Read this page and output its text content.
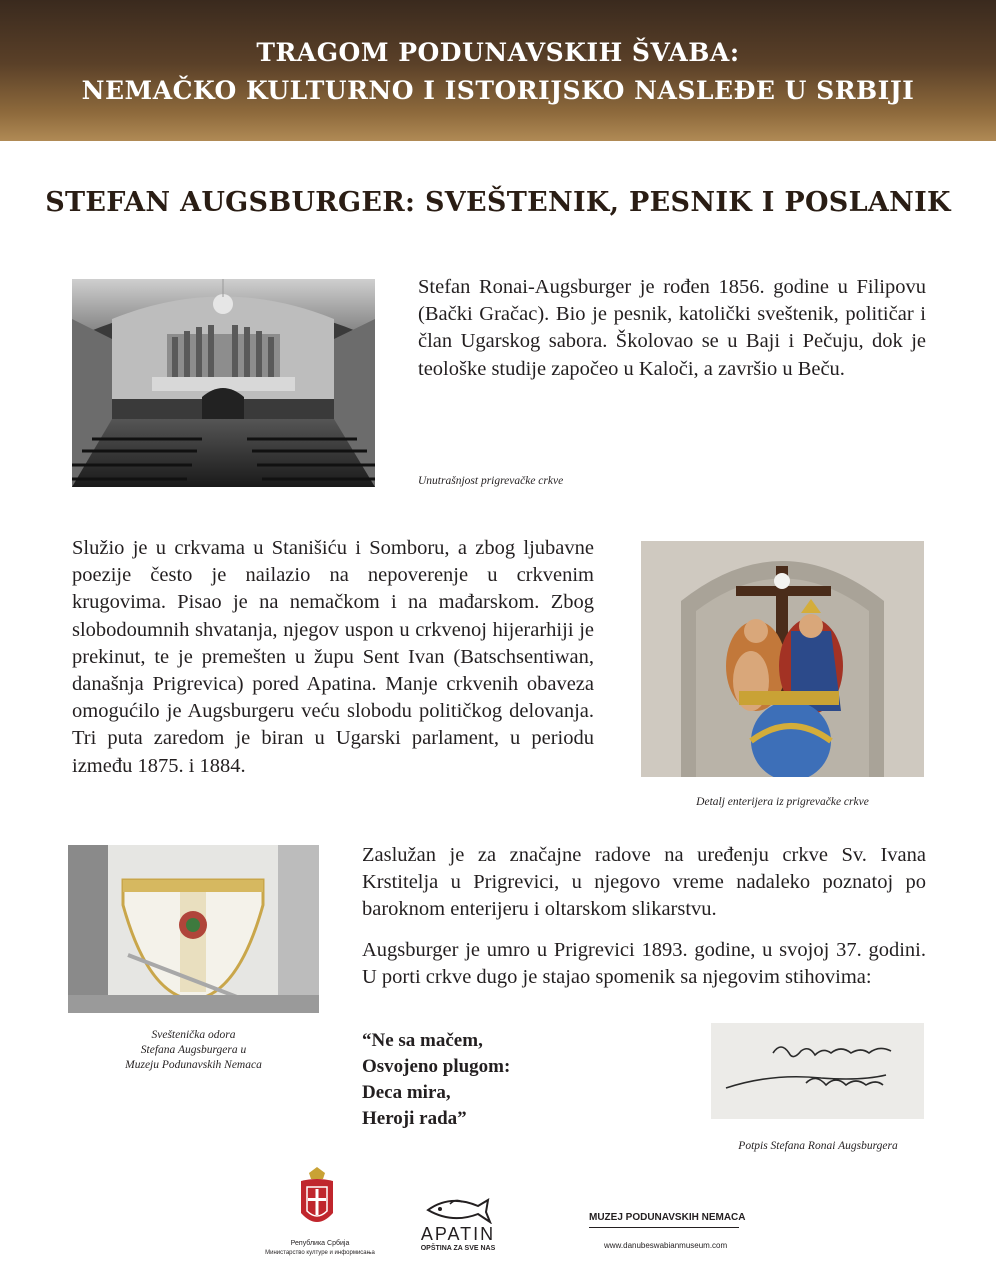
TRAGOM PODUNAVSKIH ŠVABA:
NEMAČKO KULTURNO I ISTORIJSKO NASLEĐE U SRBIJI
STEFAN AUGSBURGER: SVEŠTENIK, PESNIK I POSLANIK

Stefan Ronai-Augsburger je rođen 1856. godine u Filipovu (Bački Gračac). Bio je pesnik, katolički sveštenik, političar i član Ugarskog sabora. Školovao se u Baji i Pečuju, dok je teološke studije započeo u Kaloči, a završio u Beču.

Unutrašnjost prigrevačke crkve

Služio je u crkvama u Stanišiću i Somboru, a zbog ljubavne poezije često je nailazio na nepoverenje u crkvenim krugovima. Pisao je na nemačkom i na mađarskom. Zbog slobodoumnih shvatanja, njegov uspon u crkvenoj hijerarhiji je prekinut, te je premešten u župu Sent Ivan (Batschsentiwan, današnja Prigrevica) pored Apatina. Manje crkvenih obaveza omogućilo je Augsburgeru veću slobodu političkog delovanja. Tri puta zaredom je biran u Ugarski parlament, u periodu između 1875. i 1884.

Detalj enterijera iz prigrevačke crkve
Sveštenička odora
Stefana Augsburgera u
Muzeju Podunavskih Nemaca

Zaslužan je za značajne radove na uređenju crkve Sv. Ivana Krstitelja u Prigrevici, u njegovo vreme nadaleko poznatoj po baroknom enterijeru i oltarskom slikarstvu.

Augsburger je umro u Prigrevici 1893. godine, u svojoj 37. godini. U porti crkve dugo je stajao spomenik sa njegovim stihovima:

“Ne sa mačem,
Osvojeno plugom:
Deca mira,
Heroji rada”
Potpis Stefana Ronai Augsburgera
Република Србија
Министарство културе и информисања
APATIN
OPŠTINA ZA SVE NAS
MUZEJ PODUNAVSKIH NEMACA
www.danubeswabianmuseum.com
